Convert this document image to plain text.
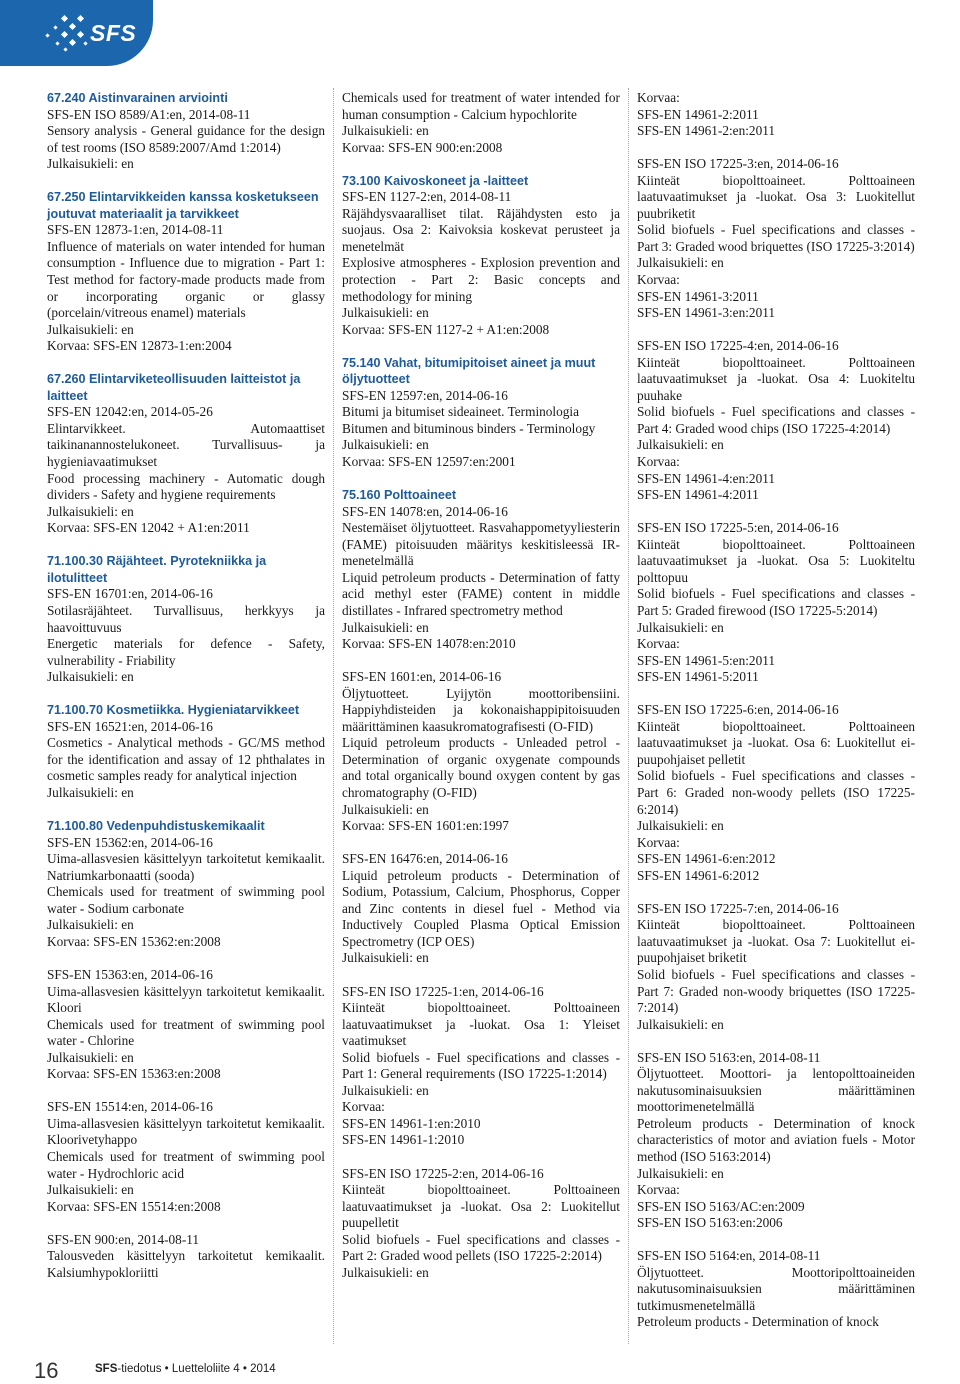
SFS
67.240 Aistinvarainen arviointi
SFS-EN ISO 8589/A1:en, 2014-08-11
Sensory analysis - General guidance for the design of test rooms (ISO 8589:2007/Amd 1:2014)
Julkaisukieli: en
67.250 Elintarvikkeiden kanssa kosketukseen joutuvat materiaalit ja tarvikkeet
SFS-EN 12873-1:en, 2014-08-11
Influence of materials on water intended for human consumption - Influence due to migration - Part 1: Test method for factory-made products made from or incorporating organic or glassy (porcelain/vitreous enamel) materials
Julkaisukieli: en
Korvaa: SFS-EN 12873-1:en:2004
67.260 Elintarviketeollisuuden laitteistot ja laitteet
SFS-EN 12042:en, 2014-05-26
Elintarvikkeet. Automaattiset taikinanannostelukoneet. Turvallisuus- ja hygieniavaatimukset
Food processing machinery - Automatic dough dividers - Safety and hygiene requirements
Julkaisukieli: en
Korvaa: SFS-EN 12042 + A1:en:2011
71.100.30 Räjähteet. Pyrotekniikka ja ilotulitteet
SFS-EN 16701:en, 2014-06-16
Sotilasräjähteet. Turvallisuus, herkkyys ja haavoittuvuus
Energetic materials for defence - Safety, vulnerability - Friability
Julkaisukieli: en
71.100.70 Kosmetiikka. Hygieniatarvikkeet
SFS-EN 16521:en, 2014-06-16
Cosmetics - Analytical methods - GC/MS method for the identification and assay of 12 phthalates in cosmetic samples ready for analytical injection
Julkaisukieli: en
71.100.80 Vedenpuhdistuskemikaalit
SFS-EN 15362:en, 2014-06-16
Uima-allasvesien käsittelyyn tarkoitetut kemikaalit. Natriumkarbonaatti (sooda)
Chemicals used for treatment of swimming pool water - Sodium carbonate
Julkaisukieli: en
Korvaa: SFS-EN 15362:en:2008
SFS-EN 15363:en, 2014-06-16
Uima-allasvesien käsittelyyn tarkoitetut kemikaalit. Kloori
Chemicals used for treatment of swimming pool water - Chlorine
Julkaisukieli: en
Korvaa: SFS-EN 15363:en:2008
SFS-EN 15514:en, 2014-06-16
Uima-allasvesien käsittelyyn tarkoitetut kemikaalit. Kloorivetyhappo
Chemicals used for treatment of swimming pool water - Hydrochloric acid
Julkaisukieli: en
Korvaa: SFS-EN 15514:en:2008
SFS-EN 900:en, 2014-08-11
Talousveden käsittelyyn tarkoitetut kemikaalit. Kalsiumhypokloriitti
Chemicals used for treatment of water intended for human consumption - Calcium hypochlorite
Julkaisukieli: en
Korvaa: SFS-EN 900:en:2008
73.100 Kaivoskoneet ja -laitteet
SFS-EN 1127-2:en, 2014-08-11
Räjähdysvaaralliset tilat. Räjähdysten esto ja suojaus. Osa 2: Kaivoksia koskevat perusteet ja menetelmät
Explosive atmospheres - Explosion prevention and protection - Part 2: Basic concepts and methodology for mining
Julkaisukieli: en
Korvaa: SFS-EN 1127-2 + A1:en:2008
75.140 Vahat, bitumipitoiset aineet ja muut öljytuotteet
SFS-EN 12597:en, 2014-06-16
Bitumi ja bitumiset sideaineet. Terminologia
Bitumen and bituminous binders - Terminology
Julkaisukieli: en
Korvaa: SFS-EN 12597:en:2001
75.160 Polttoaineet
SFS-EN 14078:en, 2014-06-16
Nestemäiset öljytuotteet. Rasvahappometyyliesterin (FAME) pitoisuuden määritys keskitisleessä IR-menetelmällä
Liquid petroleum products - Determination of fatty acid methyl ester (FAME) content in middle distillates - Infrared spectrometry method
Julkaisukieli: en
Korvaa: SFS-EN 14078:en:2010
SFS-EN 1601:en, 2014-06-16
Öljytuotteet. Lyijytön moottoribensiini. Happiyhdisteiden ja kokonaishappipitoisuuden määrittäminen kaasukromatografisesti (O-FID)
Liquid petroleum products - Unleaded petrol - Determination of organic oxygenate compounds and total organically bound oxygen content by gas chromatography (O-FID)
Julkaisukieli: en
Korvaa: SFS-EN 1601:en:1997
SFS-EN 16476:en, 2014-06-16
Liquid petroleum products - Determination of Sodium, Potassium, Calcium, Phosphorus, Copper and Zinc contents in diesel fuel - Method via Inductively Coupled Plasma Optical Emission Spectrometry (ICP OES)
Julkaisukieli: en
SFS-EN ISO 17225-1:en, 2014-06-16
Kiinteät biopolttoaineet. Polttoaineen laatuvaatimukset ja -luokat. Osa 1: Yleiset vaatimukset
Solid biofuels - Fuel specifications and classes - Part 1: General requirements (ISO 17225-1:2014)
Julkaisukieli: en
Korvaa:
SFS-EN 14961-1:en:2010
SFS-EN 14961-1:2010
SFS-EN ISO 17225-2:en, 2014-06-16
Kiinteät biopolttoaineet. Polttoaineen laatuvaatimukset ja -luokat. Osa 2: Luokitellut puupelletit
Solid biofuels - Fuel specifications and classes - Part 2: Graded wood pellets (ISO 17225-2:2014)
Julkaisukieli: en
Korvaa:
SFS-EN 14961-2:2011
SFS-EN 14961-2:en:2011
SFS-EN ISO 17225-3:en, 2014-06-16
Kiinteät biopolttoaineet. Polttoaineen laatuvaatimukset ja -luokat. Osa 3: Luokitellut puubriketit
Solid biofuels - Fuel specifications and classes - Part 3: Graded wood briquettes (ISO 17225-3:2014)
Julkaisukieli: en
Korvaa:
SFS-EN 14961-3:2011
SFS-EN 14961-3:en:2011
SFS-EN ISO 17225-4:en, 2014-06-16
Kiinteät biopolttoaineet. Polttoaineen laatuvaatimukset ja -luokat. Osa 4: Luokiteltu puuhake
Solid biofuels - Fuel specifications and classes - Part 4: Graded wood chips (ISO 17225-4:2014)
Julkaisukieli: en
Korvaa:
SFS-EN 14961-4:en:2011
SFS-EN 14961-4:2011
SFS-EN ISO 17225-5:en, 2014-06-16
Kiinteät biopolttoaineet. Polttoaineen laatuvaatimukset ja -luokat. Osa 5: Luokiteltu polttopuu
Solid biofuels - Fuel specifications and classes - Part 5: Graded firewood (ISO 17225-5:2014)
Julkaisukieli: en
Korvaa:
SFS-EN 14961-5:en:2011
SFS-EN 14961-5:2011
SFS-EN ISO 17225-6:en, 2014-06-16
Kiinteät biopolttoaineet. Polttoaineen laatuvaatimukset ja -luokat. Osa 6: Luokitellut ei-puupohjaiset pelletit
Solid biofuels - Fuel specifications and classes - Part 6: Graded non-woody pellets (ISO 17225-6:2014)
Julkaisukieli: en
Korvaa:
SFS-EN 14961-6:en:2012
SFS-EN 14961-6:2012
SFS-EN ISO 17225-7:en, 2014-06-16
Kiinteät biopolttoaineet. Polttoaineen laatuvaatimukset ja -luokat. Osa 7: Luokitellut ei-puupohjaiset briketit
Solid biofuels - Fuel specifications and classes - Part 7: Graded non-woody briquettes (ISO 17225-7:2014)
Julkaisukieli: en
SFS-EN ISO 5163:en, 2014-08-11
Öljytuotteet. Moottori- ja lentopolttoaineiden nakutusominaisuuksien määrittäminen moottorimenetelmällä
Petroleum products - Determination of knock characteristics of motor and aviation fuels - Motor method (ISO 5163:2014)
Julkaisukieli: en
Korvaa:
SFS-EN ISO 5163/AC:en:2009
SFS-EN ISO 5163:en:2006
SFS-EN ISO 5164:en, 2014-08-11
Öljytuotteet. Moottoripolttoaineiden nakutusominaisuuksien määrittäminen tutkimusmenetelmällä
Petroleum products - Determination of knock
16	SFS-tiedotus • Luetteloliite 4 • 2014
